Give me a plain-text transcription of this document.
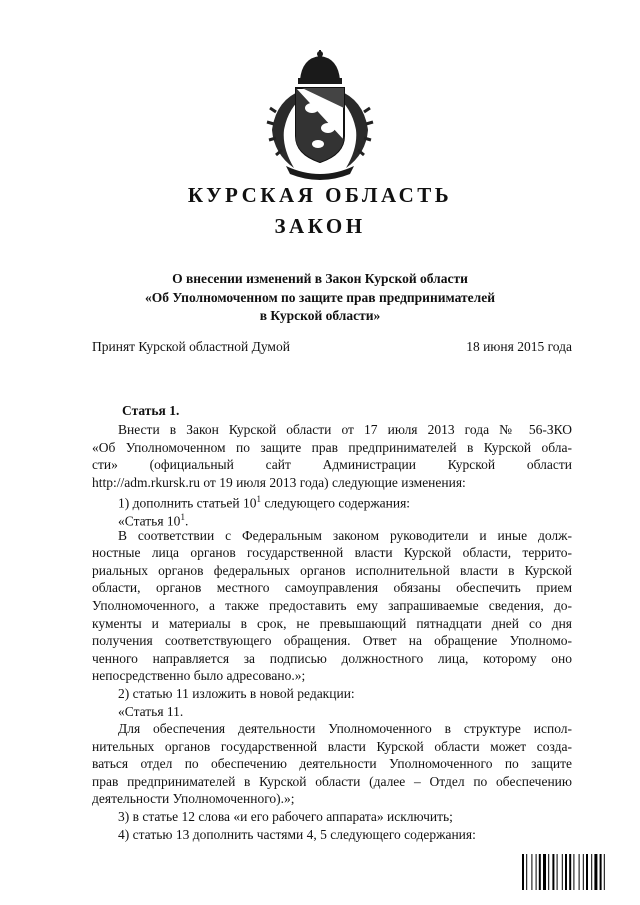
КУРСКАЯ ОБЛАСТЬ
ЗАКОН
О внесении изменений в Закон Курской области
«Об Уполномоченном по защите прав предпринимателей
в Курской области»
Принят Курской областной Думой	18 июня 2015 года
Статья 1.
Внести в Закон Курской области от 17 июля 2013 года № 56-ЗКО
«Об Уполномоченном по защите прав предпринимателей в Курской обла-
сти» (официальный сайт Администрации Курской области
http://adm.rkursk.ru от 19 июля 2013 года) следующие изменения:
1) дополнить статьей $10^1$ следующего содержания:
«Статья $10^1$.
В соответствии с Федеральным законом руководители и иные долж-
ностные лица органов государственной власти Курской области, террито-
риальных органов федеральных органов исполнительной власти в Курской
области, органов местного самоуправления обязаны обеспечить прием
Уполномоченного, а также предоставить ему запрашиваемые сведения, до-
кументы и материалы в срок, не превышающий пятнадцати дней со дня
получения соответствующего обращения. Ответ на обращение Уполномо-
ченного направляется за подписью должностного лица, которому оно
непосредственно было адресовано.»;
2) статью 11 изложить в новой редакции:
«Статья 11.
Для обеспечения деятельности Уполномоченного в структуре испол-
нительных органов государственной власти Курской области может созда-
ваться отдел по обеспечению деятельности Уполномоченного по защите
прав предпринимателей в Курской области (далее – Отдел по обеспечению
деятельности Уполномоченного).»;
3) в статье 12 слова «и его рабочего аппарата» исключить;
4) статью 13 дополнить частями 4, 5 следующего содержания:
